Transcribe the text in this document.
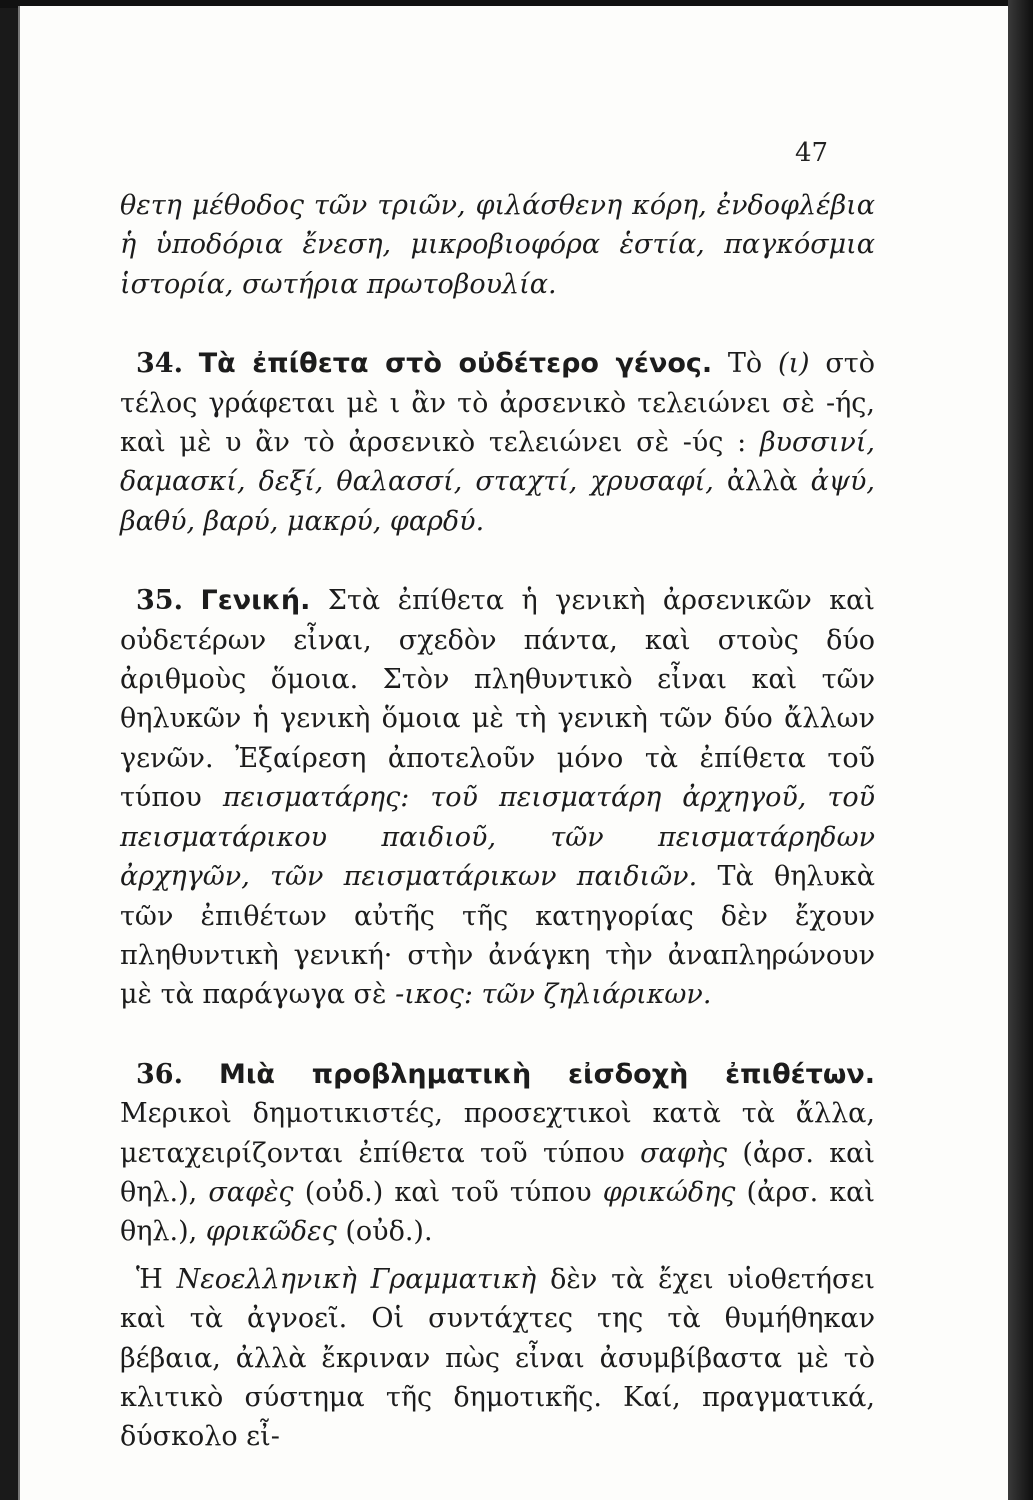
47

θετη μέθοδος τῶν τριῶν, φιλάσθενη κόρη, ἐνδοφλέβια ἡ ὑποδόρια ἔνεση, μικροβιοφόρα ἑστία, παγκόσμια ἱστορία, σωτήρια πρωτοβουλία.

34. Τὰ ἐπίθετα στὸ οὐδέτερο γένος. Τὸ (ι) στὸ τέλος γράφεται μὲ ι ἂν τὸ ἀρσενικὸ τελειώνει σὲ -ής, καὶ μὲ υ ἂν τὸ ἀρσενικὸ τελειώνει σὲ -ύς : βυσσινί, δαμασκί, δεξί, θαλασσί, σταχτί, χρυσαφί, ἀλλὰ ἀψύ, βαθύ, βαρύ, μακρύ, φαρδύ.

35. Γενική. Στὰ ἐπίθετα ἡ γενικὴ ἀρσενικῶν καὶ οὐδετέρων εἶναι, σχεδὸν πάντα, καὶ στοὺς δύο ἀριθμοὺς ὅμοια. Στὸν πληθυντικὸ εἶναι καὶ τῶν θηλυκῶν ἡ γενικὴ ὅμοια μὲ τὴ γενικὴ τῶν δύο ἄλλων γενῶν. Ἐξαίρεση ἀποτελοῦν μόνο τὰ ἐπίθετα τοῦ τύπου πεισματάρης: τοῦ πεισματάρη ἀρχηγοῦ, τοῦ πεισματάρικου παιδιοῦ, τῶν πεισματάρηδων ἀρχηγῶν, τῶν πεισματάρικων παιδιῶν. Τὰ θηλυκὰ τῶν ἐπιθέτων αὐτῆς τῆς κατηγορίας δὲν ἔχουν πληθυντικὴ γενική· στὴν ἀνάγκη τὴν ἀναπληρώνουν μὲ τὰ παράγωγα σὲ -ικος: τῶν ζηλιάρικων.

36. Μιὰ προβληματικὴ εἰσδοχὴ ἐπιθέτων. Μερικοὶ δημοτικιστές, προσεχτικοὶ κατὰ τὰ ἄλλα, μεταχειρίζονται ἐπίθετα τοῦ τύπου σαφὴς (ἀρσ. καὶ θηλ.), σαφὲς (οὐδ.) καὶ τοῦ τύπου φρικώδης (ἀρσ. καὶ θηλ.), φρικῶδες (οὐδ.).

Ἡ Νεοελληνικὴ Γραμματικὴ δὲν τὰ ἔχει υἱοθετήσει καὶ τὰ ἀγνοεῖ. Οἱ συντάχτες της τὰ θυμήθηκαν βέβαια, ἀλλὰ ἔκριναν πὼς εἶναι ἀσυμβίβαστα μὲ τὸ κλιτικὸ σύστημα τῆς δημοτικῆς. Καί, πραγματικά, δύσκολο εἶ-
